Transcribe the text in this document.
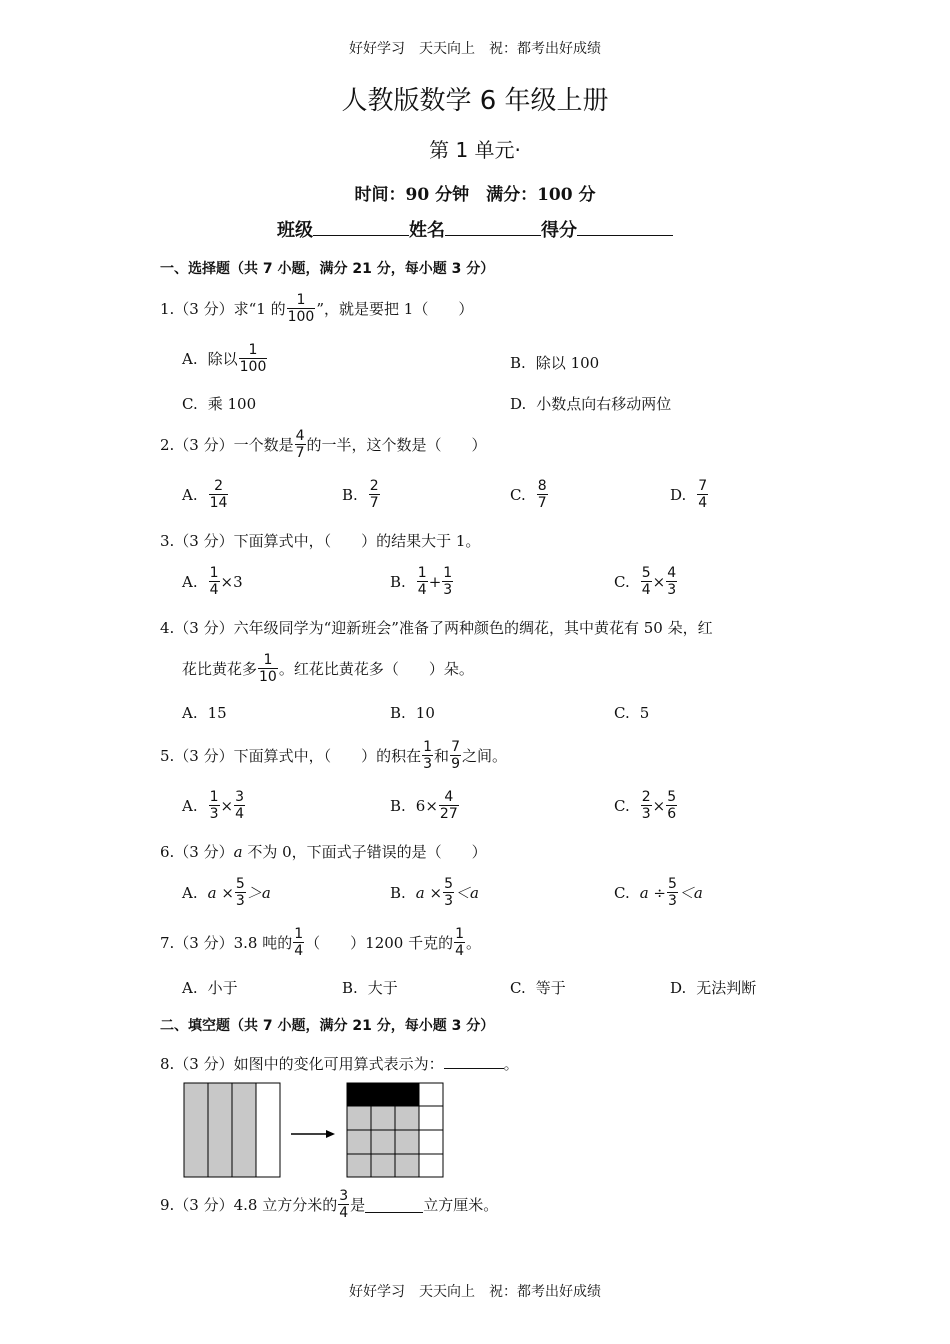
好好学习　天天向上　祝：都考出好成绩
人教版数学 6 年级上册
第 1 单元·
时间：90 分钟　满分：100 分
班级	姓名	得分
一、选择题（共 7 小题，满分 21 分，每小题 3 分）
1.（3 分）求“1 的 $\frac{1}{100}$ ”，就是要把 1（　　）
A. 除以 $\frac{1}{100}$	B. 除以 100
C. 乘 100	D. 小数点向右移动两位
2.（3 分）一个数是 $\frac{4}{7}$ 的一半，这个数是（　　）
A. $\frac{2}{14}$	B. $\frac{2}{7}$	C. $\frac{8}{7}$	D. $\frac{7}{4}$
3.（3 分）下面算式中，（　　）的结果大于 1。
A. $\frac{1}{4} \times 3$	B. $\frac{1}{4} + \frac{1}{3}$	C. $\frac{5}{4} \times \frac{4}{3}$
4.（3 分）六年级同学为“迎新班会”准备了两种颜色的绸花，其中黄花有 50 朵，红
花比黄花多 $\frac{1}{10}$ 。红花比黄花多（　　）朵。
A. 15	B. 10	C. 5
5.（3 分）下面算式中，（　　）的积在 $\frac{1}{3}$ 和 $\frac{7}{9}$ 之间。
A. $\frac{1}{3} \times \frac{3}{4}$	B. $6\times \frac{4}{27}$	C. $\frac{2}{3} \times \frac{5}{6}$
6.（3 分）a 不为 0，下面式子错误的是（　　）
A. $a \times \frac{5}{3} >a$	B. $a \times \frac{5}{3} <a$	C. $a \div \frac{5}{3} <a$
7.（3 分）3.8 吨的 $\frac{1}{4}$ （　　）1200 千克的 $\frac{1}{4}$ 。
A. 小于	B. 大于	C. 等于	D. 无法判断
二、填空题（共 7 小题，满分 21 分，每小题 3 分）
8.（3 分）如图中的变化可用算式表示为：	。
9.（3 分）4.8 立方分米的 $\frac{3}{4}$ 是	立方厘米。
好好学习　天天向上　祝：都考出好成绩
